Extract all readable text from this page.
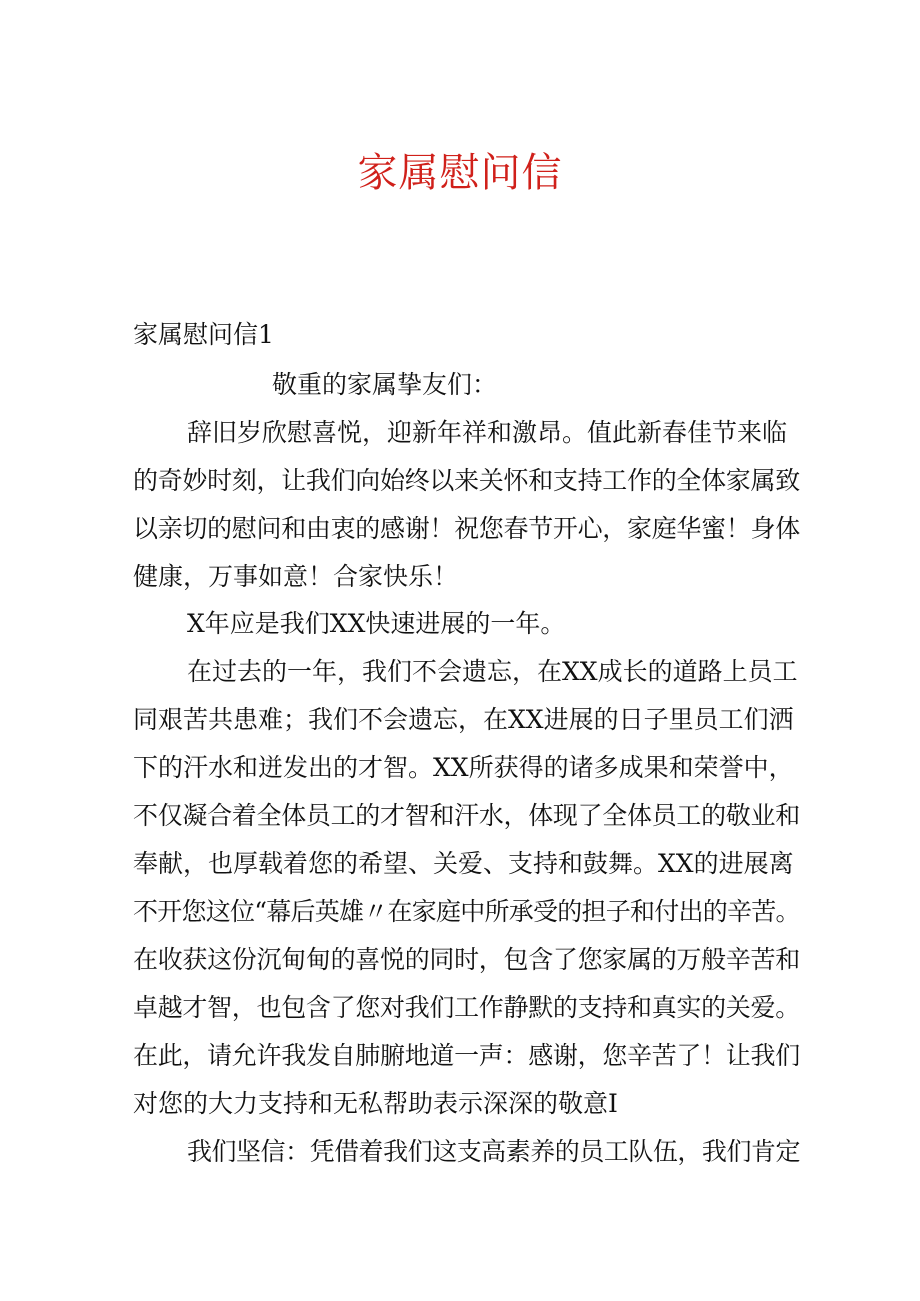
家属慰问信

家属慰问信1

敬重的家属挚友们：

辞旧岁欣慰喜悦，迎新年祥和激昂。值此新春佳节来临

的奇妙时刻，让我们向始终以来关怀和支持工作的全体家属致

以亲切的慰问和由衷的感谢！祝您春节开心，家庭华蜜！身体

健康，万事如意！合家快乐！

X年应是我们XX快速进展的一年。

在过去的一年，我们不会遗忘，在XX成长的道路上员工

同艰苦共患难；我们不会遗忘，在XX进展的日子里员工们洒

下的汗水和迸发出的才智。XX所获得的诸多成果和荣誉中，

不仅凝合着全体员工的才智和汗水，体现了全体员工的敬业和

奉献，也厚载着您的希望、关爱、支持和鼓舞。XX的进展离

不开您这位“幕后英雄〃在家庭中所承受的担子和付出的辛苦。

在收获这份沉甸甸的喜悦的同时，包含了您家属的万般辛苦和

卓越才智，也包含了您对我们工作静默的支持和真实的关爱。

在此，请允许我发自肺腑地道一声：感谢，您辛苦了！让我们

对您的大力支持和无私帮助表示深深的敬意I

我们坚信：凭借着我们这支高素养的员工队伍，我们肯定
